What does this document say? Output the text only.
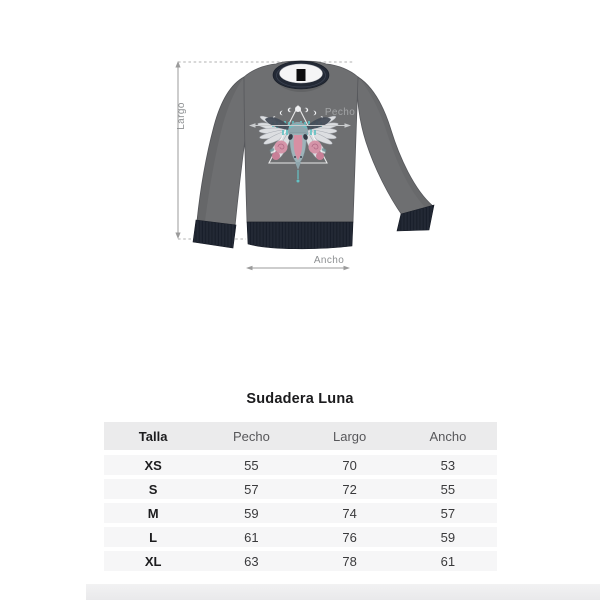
Largo	Pecho
Ancho
Sudadera Luna
Talla	Pecho	Largo	Ancho
XS	55	70	53
S	57	72	55
M	59	74	57
L	61	76	59
XL	63	78	61
